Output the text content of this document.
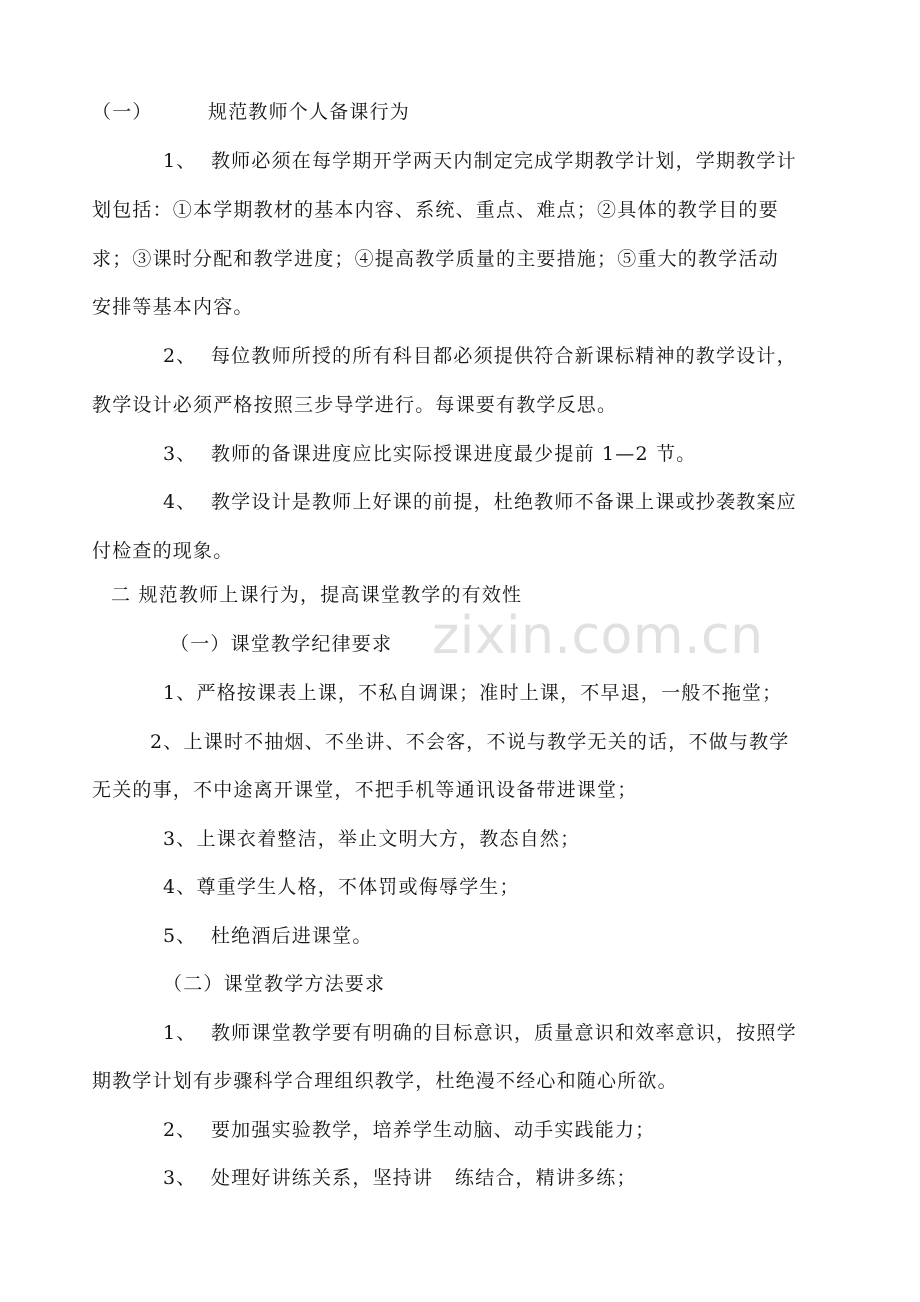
zixin.com.cn
（一）	规范教师个人备课行为
1、  教师必须在每学期开学两天内制定完成学期教学计划，学期教学计
划包括：①本学期教材的基本内容、系统、重点、难点；②具体的教学目的要
求；③课时分配和教学进度；④提高教学质量的主要措施；⑤重大的教学活动
安排等基本内容。
2、  每位教师所授的所有科目都必须提供符合新课标精神的教学设计，
教学设计必须严格按照三步导学进行。每课要有教学反思。
3、  教师的备课进度应比实际授课进度最少提前 1—2 节。
4、  教学设计是教师上好课的前提，杜绝教师不备课上课或抄袭教案应
付检查的现象。
二 规范教师上课行为，提高课堂教学的有效性
（一）课堂教学纪律要求
1、严格按课表上课，不私自调课；准时上课，不早退，一般不拖堂；
2、上课时不抽烟、不坐讲、不会客，不说与教学无关的话，不做与教学
无关的事，不中途离开课堂，不把手机等通讯设备带进课堂；
3、上课衣着整洁，举止文明大方，教态自然；
4、尊重学生人格，不体罚或侮辱学生；
5、  杜绝酒后进课堂。
（二）课堂教学方法要求
1、  教师课堂教学要有明确的目标意识，质量意识和效率意识，按照学
期教学计划有步骤科学合理组织教学，杜绝漫不经心和随心所欲。
2、  要加强实验教学，培养学生动脑、动手实践能力；
3、  处理好讲练关系，坚持讲   练结合，精讲多练；
